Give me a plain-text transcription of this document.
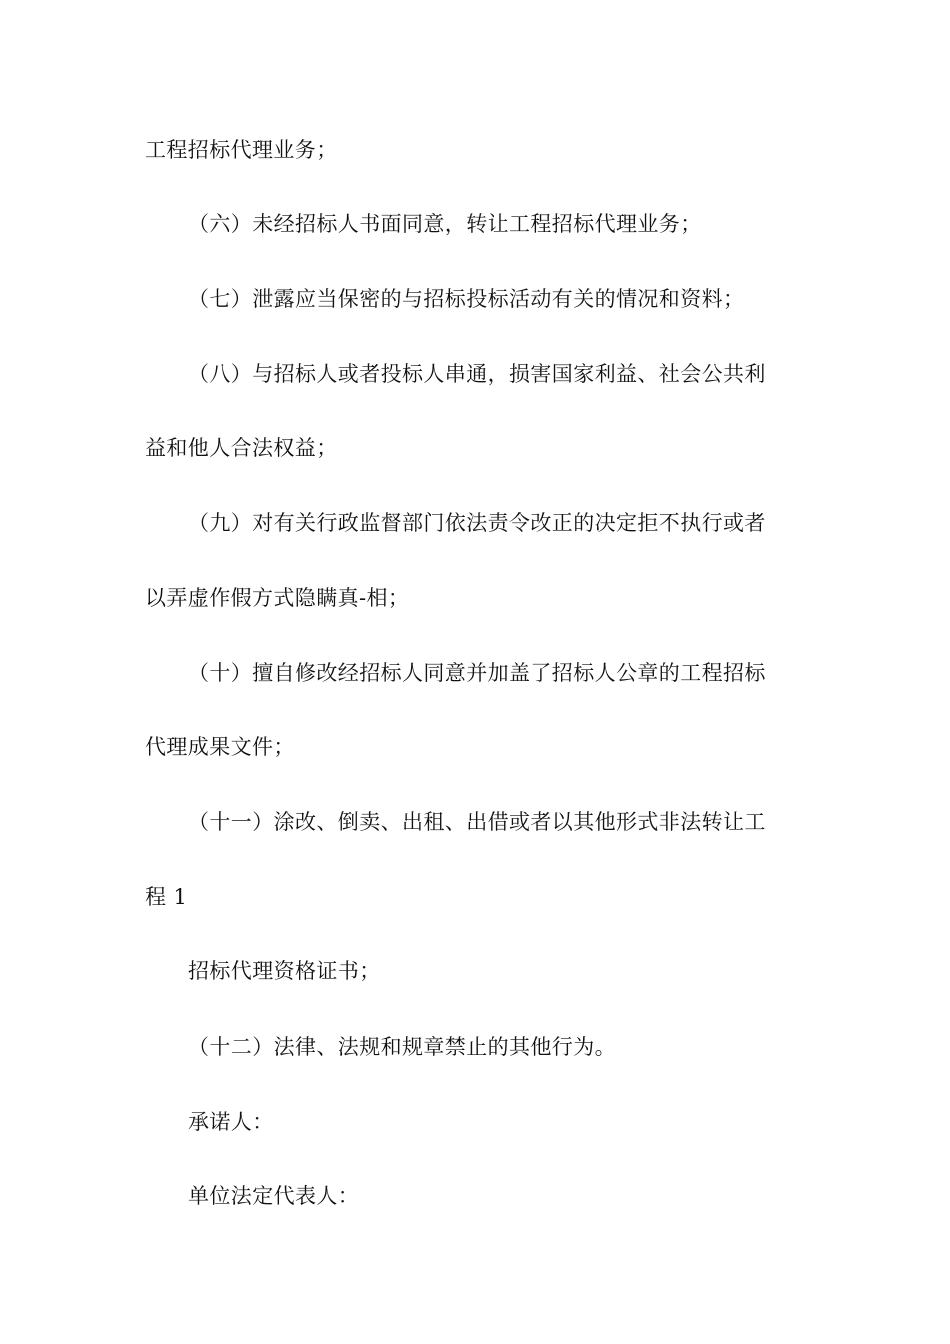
工程招标代理业务；
（六）未经招标人书面同意，转让工程招标代理业务；
（七）泄露应当保密的与招标投标活动有关的情况和资料；
（八）与招标人或者投标人串通，损害国家利益、社会公共利
益和他人合法权益；
（九）对有关行政监督部门依法责令改正的决定拒不执行或者
以弄虚作假方式隐瞒真-相；
（十）擅自修改经招标人同意并加盖了招标人公章的工程招标
代理成果文件；
（十一）涂改、倒卖、出租、出借或者以其他形式非法转让工
程 1
招标代理资格证书；
（十二）法律、法规和规章禁止的其他行为。
承诺人：
单位法定代表人：
